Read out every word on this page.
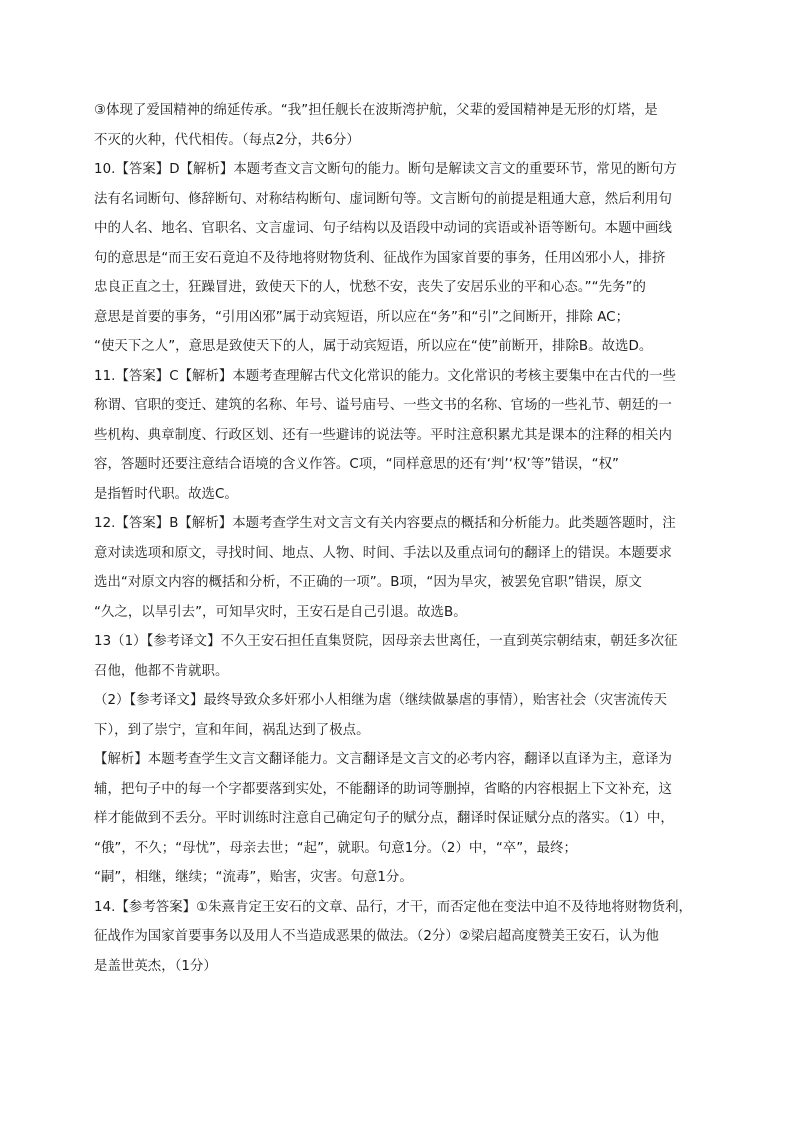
③体现了爱国精神的绵延传承。“我”担任舰长在波斯湾护航，父辈的爱国精神是无形的灯塔，是
不灭的火种，代代相传。（每点2分，共6分）
10.【答案】D【解析】本题考查文言文断句的能力。断句是解读文言文的重要环节，常见的断句方
法有名词断句、修辞断句、对称结构断句、虚词断句等。文言断句的前提是粗通大意，然后利用句
中的人名、地名、官职名、文言虚词、句子结构以及语段中动词的宾语或补语等断句。本题中画线
句的意思是“而王安石竟迫不及待地将财物货利、征战作为国家首要的事务，任用凶邪小人，排挤
忠良正直之士，狂躁冒进，致使天下的人，忧愁不安，丧失了安居乐业的平和心态。”“先务”的
意思是首要的事务，“引用凶邪”属于动宾短语，所以应在“务”和“引”之间断开，排除 AC；
“使天下之人”，意思是致使天下的人，属于动宾短语，所以应在“使”前断开，排除B。故选D。
11.【答案】C【解析】本题考查理解古代文化常识的能力。文化常识的考核主要集中在古代的一些
称谓、官职的变迁、建筑的名称、年号、谥号庙号、一些文书的名称、官场的一些礼节、朝廷的一
些机构、典章制度、行政区划、还有一些避讳的说法等。平时注意积累尤其是课本的注释的相关内
容，答题时还要注意结合语境的含义作答。C项，“同样意思的还有‘判’‘权’等”错误，“权”
是指暂时代职。故选C。
12.【答案】B【解析】本题考查学生对文言文有关内容要点的概括和分析能力。此类题答题时，注
意对读选项和原文，寻找时间、地点、人物、时间、手法以及重点词句的翻译上的错误。本题要求
选出“对原文内容的概括和分析，不正确的一项”。B项，“因为旱灾，被罢免官职”错误，原文
“久之，以旱引去”，可知旱灾时，王安石是自己引退。故选B。
13（1）【参考译文】不久王安石担任直集贤院，因母亲去世离任，一直到英宗朝结束，朝廷多次征
召他，他都不肯就职。
（2）【参考译文】最终导致众多奸邪小人相继为虐（继续做暴虐的事情），贻害社会（灾害流传天
下），到了崇宁，宣和年间，祸乱达到了极点。
【解析】本题考查学生文言文翻译能力。文言翻译是文言文的必考内容，翻译以直译为主，意译为
辅，把句子中的每一个字都要落到实处，不能翻译的助词等删掉，省略的内容根据上下文补充，这
样才能做到不丢分。平时训练时注意自己确定句子的赋分点，翻译时保证赋分点的落实。（1）中，
“俄”，不久；“母忧”，母亲去世；“起”，就职。句意1分。（2）中，“卒”，最终；
“嗣”，相继，继续；“流毒”，贻害，灾害。句意1分。
14.【参考答案】①朱熹肯定王安石的文章、品行，才干，而否定他在变法中迫不及待地将财物货利，
征战作为国家首要事务以及用人不当造成恶果的做法。（2分）②梁启超高度赞美王安石，认为他
是盖世英杰，（1分）
